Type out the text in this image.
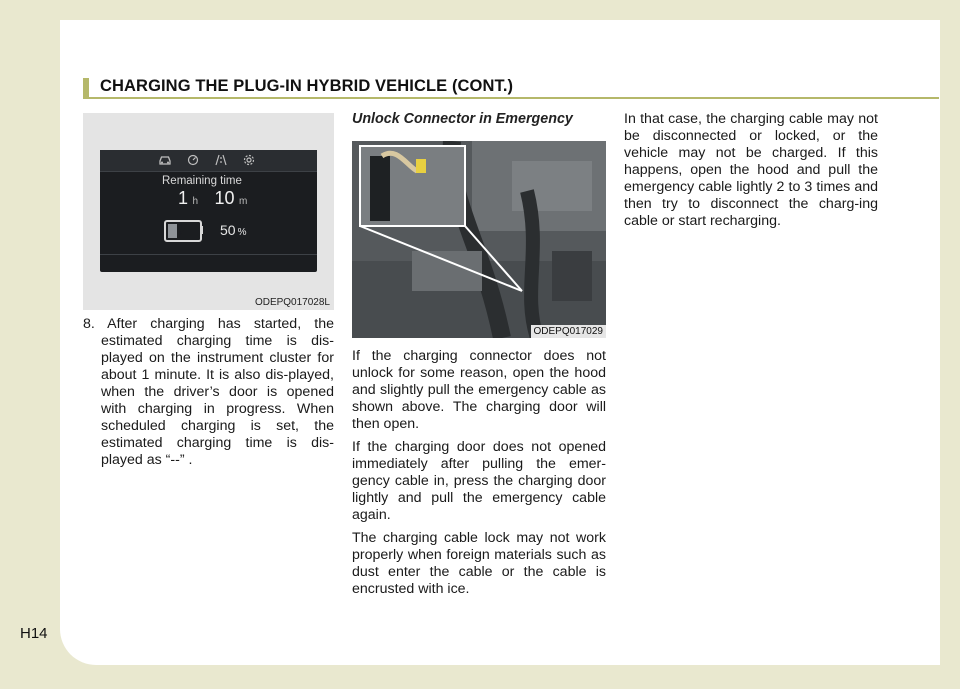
CHARGING THE PLUG-IN HYBRID VEHICLE (CONT.)
Remaining time
1 h 10 m
50 %
ODEPQ017028L

8. After charging has started, the estimated charging time is dis-played on the instrument cluster for about 1 minute. It is also dis-played, when the driver’s door is opened with charging in progress. When scheduled charging is set, the estimated charging time is dis-played as “--” .

Unlock Connector in Emergency
ODEPQ017029

If the charging connector does not unlock for some reason, open the hood and slightly pull the emergency cable as shown above. The charging door will then open.

If the charging door does not opened immediately after pulling the emer-gency cable in, press the charging door lightly and pull the emergency cable again.

The charging cable lock may not work properly when foreign materials such as dust enter the cable or the cable is encrusted with ice.

In that case, the charging cable may not be disconnected or locked, or the vehicle may not be charged. If this happens, open the hood and pull the emergency cable lightly 2 to 3 times and then try to disconnect the charg-ing cable or start recharging.

H14
